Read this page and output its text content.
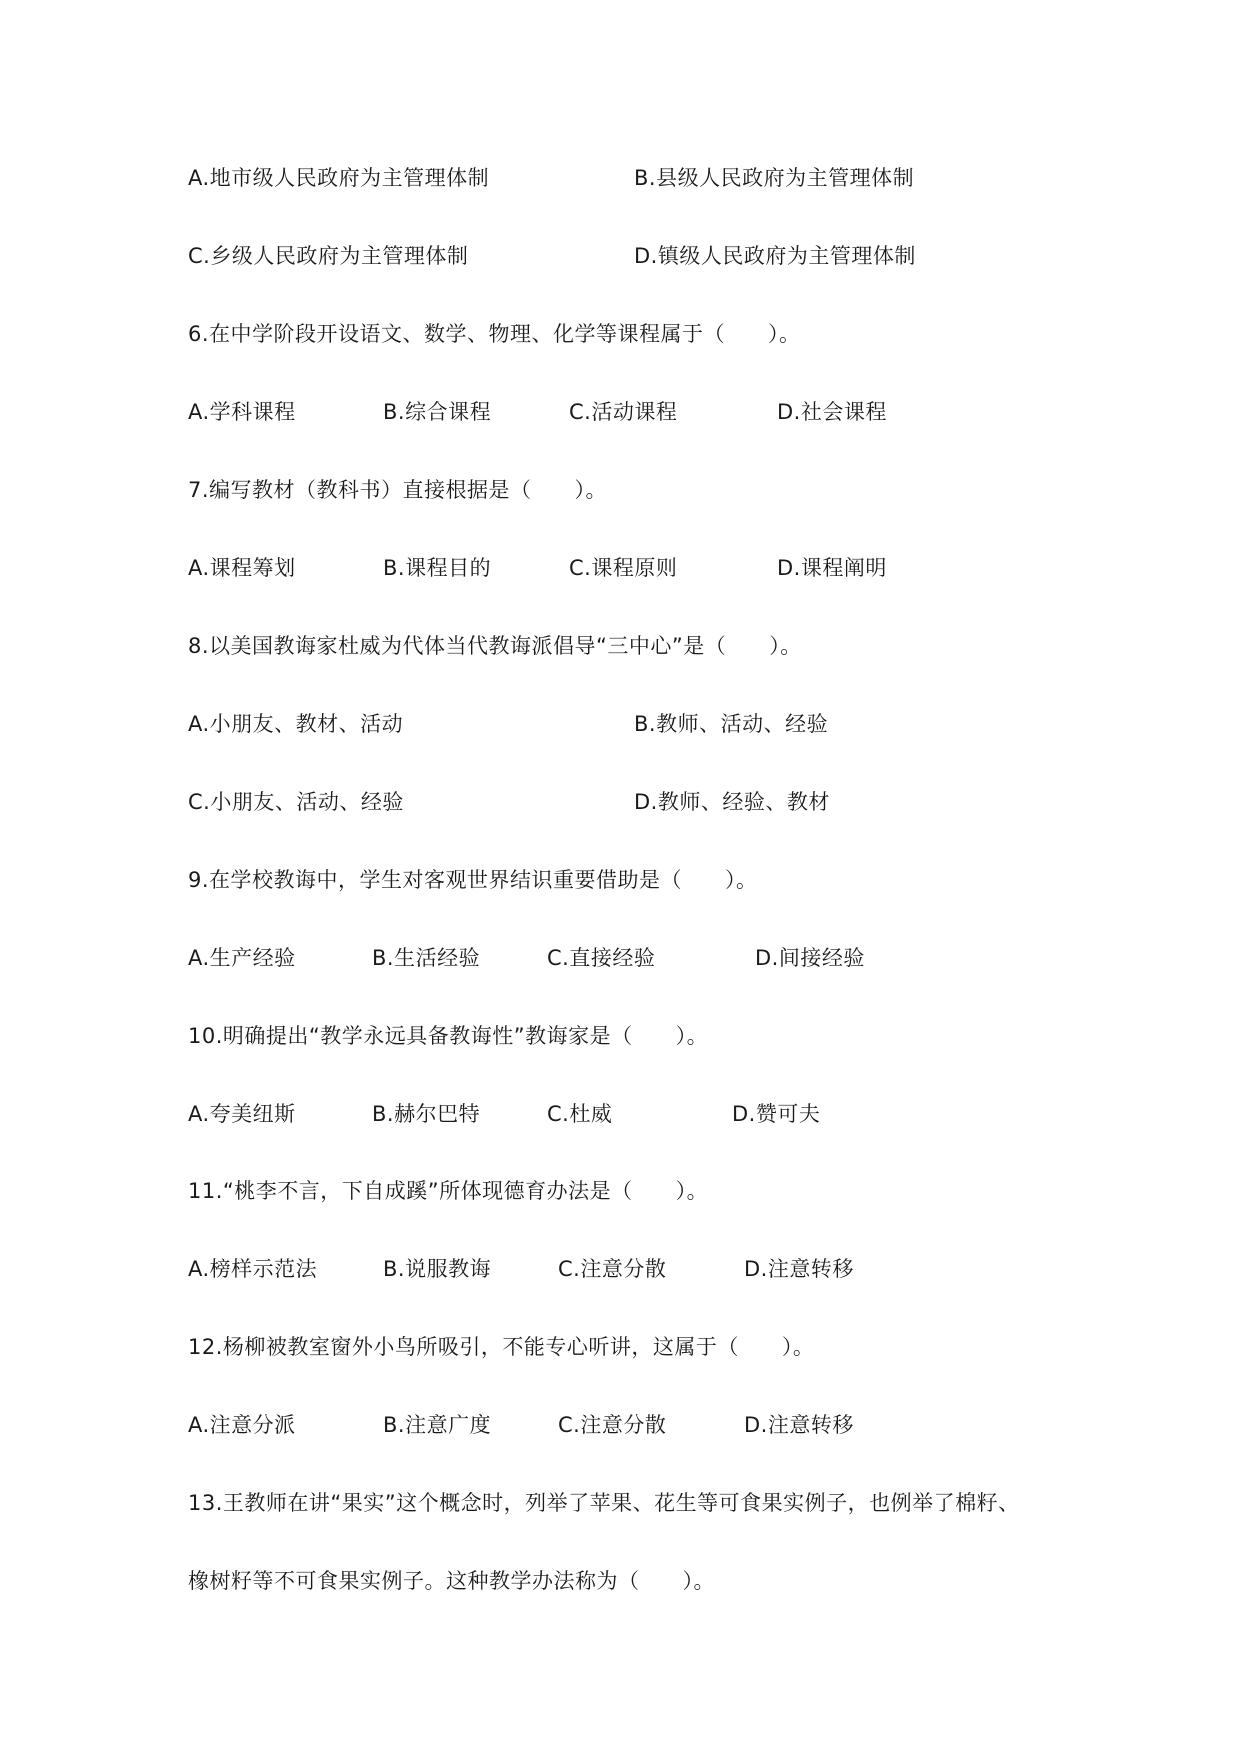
A.地市级人民政府为主管理体制	B.县级人民政府为主管理体制
C.乡级人民政府为主管理体制	D.镇级人民政府为主管理体制
6.在中学阶段开设语文、数学、物理、化学等课程属于（　　）。
A.学科课程	B.综合课程	C.活动课程	D.社会课程
7.编写教材（教科书）直接根据是（　　）。
A.课程筹划	B.课程目的	C.课程原则	D.课程阐明
8.以美国教诲家杜威为代体当代教诲派倡导“三中心”是（　　）。
A.小朋友、教材、活动	B.教师、活动、经验
C.小朋友、活动、经验	D.教师、经验、教材
9.在学校教诲中，学生对客观世界结识重要借助是（　　）。
A.生产经验	B.生活经验	C.直接经验	D.间接经验
10.明确提出“教学永远具备教诲性”教诲家是（　　）。
A.夸美纽斯	B.赫尔巴特	C.杜威	D.赞可夫
11.“桃李不言，下自成蹊”所体现德育办法是（　　）。
A.榜样示范法	B.说服教诲	C.注意分散	D.注意转移
12.杨柳被教室窗外小鸟所吸引，不能专心听讲，这属于（　　）。
A.注意分派	B.注意广度	C.注意分散	D.注意转移
13.王教师在讲“果实”这个概念时，列举了苹果、花生等可食果实例子，也例举了棉籽、
橡树籽等不可食果实例子。这种教学办法称为（　　）。
